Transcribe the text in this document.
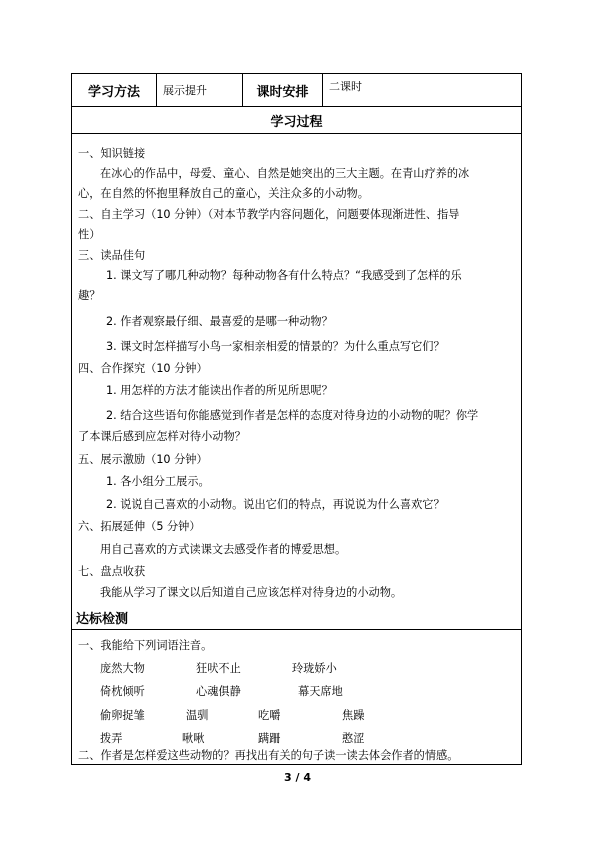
学习方法	展示提升	课时安排	二课时
学习过程
一、知识链接
在冰心的作品中，母爱、童心、自然是她突出的三大主题。在青山疗养的冰
心，在自然的怀抱里释放自己的童心，关注众多的小动物。
二、自主学习（10 分钟）（对本节教学内容问题化，问题要体现渐进性、指导
性）
三、读品佳句
1. 课文写了哪几种动物？每种动物各有什么特点？“我感受到了怎样的乐
趣？
2. 作者观察最仔细、最喜爱的是哪一种动物？
3. 课文时怎样描写小鸟一家相亲相爱的情景的？为什么重点写它们？
四、合作探究（10 分钟）
1. 用怎样的方法才能读出作者的所见所思呢？
2. 结合这些语句你能感觉到作者是怎样的态度对待身边的小动物的呢？你学
了本课后感到应怎样对待小动物？
五、展示激励（10 分钟）
1. 各小组分工展示。
2. 说说自己喜欢的小动物。说出它们的特点，再说说为什么喜欢它？
六、拓展延伸（5 分钟）
用自己喜欢的方式读课文去感受作者的博爱思想。
七、盘点收获
我能从学习了课文以后知道自己应该怎样对待身边的小动物。
达标检测
一、我能给下列词语注音。
庞然大物	狂吠不止	玲珑娇小
倚枕倾听	心魂俱静	幕天席地
偷卵捉雏	温驯	吃嚼	焦躁
拨弄	啾啾	蹒跚	憨涩
二、作者是怎样爱这些动物的？再找出有关的句子读一读去体会作者的情感。
3 / 4
